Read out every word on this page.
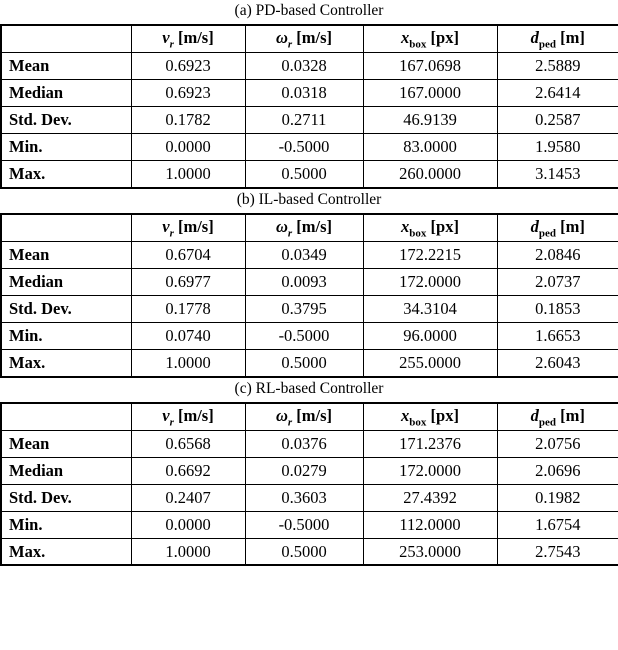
(a) PD-based Controller
	$v_r$ [m/s]	$\omega_r$ [m/s]	$x_{box}$ [px]	$d_{ped}$ [m]
Mean	0.6923	0.0328	167.0698	2.5889
Median	0.6923	0.0318	167.0000	2.6414
Std. Dev.	0.1782	0.2711	46.9139	0.2587
Min.	0.0000	-0.5000	83.0000	1.9580
Max.	1.0000	0.5000	260.0000	3.1453
(b) IL-based Controller
	$v_r$ [m/s]	$\omega_r$ [m/s]	$x_{box}$ [px]	$d_{ped}$ [m]
Mean	0.6704	0.0349	172.2215	2.0846
Median	0.6977	0.0093	172.0000	2.0737
Std. Dev.	0.1778	0.3795	34.3104	0.1853
Min.	0.0740	-0.5000	96.0000	1.6653
Max.	1.0000	0.5000	255.0000	2.6043
(c) RL-based Controller
	$v_r$ [m/s]	$\omega_r$ [m/s]	$x_{box}$ [px]	$d_{ped}$ [m]
Mean	0.6568	0.0376	171.2376	2.0756
Median	0.6692	0.0279	172.0000	2.0696
Std. Dev.	0.2407	0.3603	27.4392	0.1982
Min.	0.0000	-0.5000	112.0000	1.6754
Max.	1.0000	0.5000	253.0000	2.7543
